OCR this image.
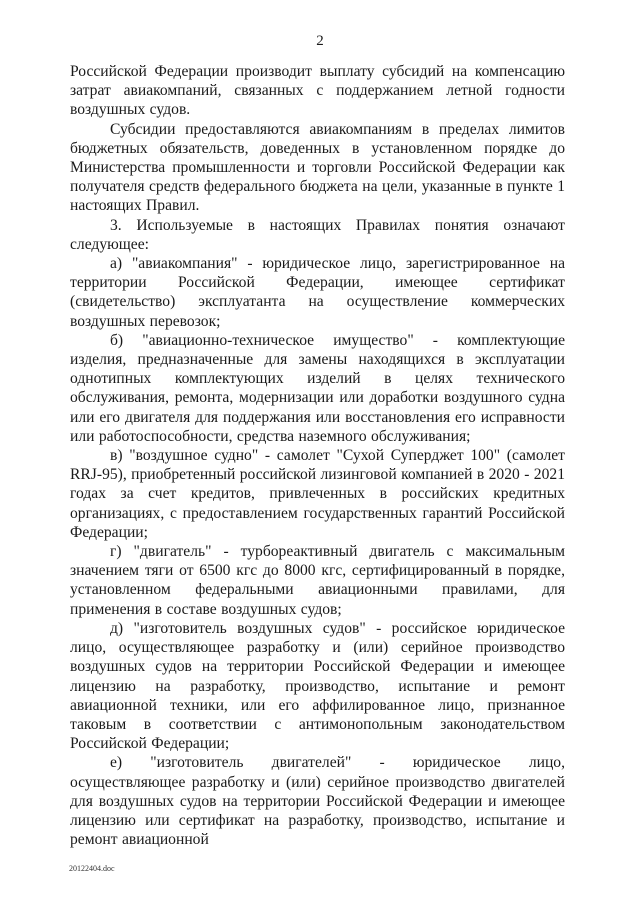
2

Российской Федерации производит выплату субсидий на компенсацию затрат авиакомпаний, связанных с поддержанием летной годности воздушных судов.

Субсидии предоставляются авиакомпаниям в пределах лимитов бюджетных обязательств, доведенных в установленном порядке до Министерства промышленности и торговли Российской Федерации как получателя средств федерального бюджета на цели, указанные в пункте 1 настоящих Правил.

3. Используемые в настоящих Правилах понятия означают следующее:

а) "авиакомпания" - юридическое лицо, зарегистрированное на территории Российской Федерации, имеющее сертификат (свидетельство) эксплуатанта на осуществление коммерческих воздушных перевозок;

б) "авиационно-техническое имущество" - комплектующие изделия, предназначенные для замены находящихся в эксплуатации однотипных комплектующих изделий в целях технического обслуживания, ремонта, модернизации или доработки воздушного судна или его двигателя для поддержания или восстановления его исправности или работоспособности, средства наземного обслуживания;

в) "воздушное судно" - самолет "Сухой Суперджет 100" (самолет RRJ-95), приобретенный российской лизинговой компанией в 2020 - 2021 годах за счет кредитов, привлеченных в российских кредитных организациях, с предоставлением государственных гарантий Российской Федерации;

г) "двигатель" - турбореактивный двигатель с максимальным значением тяги от 6500 кгс до 8000 кгс, сертифицированный в порядке, установленном федеральными авиационными правилами, для применения в составе воздушных судов;

д) "изготовитель воздушных судов" - российское юридическое лицо, осуществляющее разработку и (или) серийное производство воздушных судов на территории Российской Федерации и имеющее лицензию на разработку, производство, испытание и ремонт авиационной техники, или его аффилированное лицо, признанное таковым в соответствии с антимонопольным законодательством Российской Федерации;

е) "изготовитель двигателей" - юридическое лицо, осуществляющее разработку и (или) серийное производство двигателей для воздушных судов на территории Российской Федерации и имеющее лицензию или сертификат на разработку, производство, испытание и ремонт авиационной

20122404.doc
